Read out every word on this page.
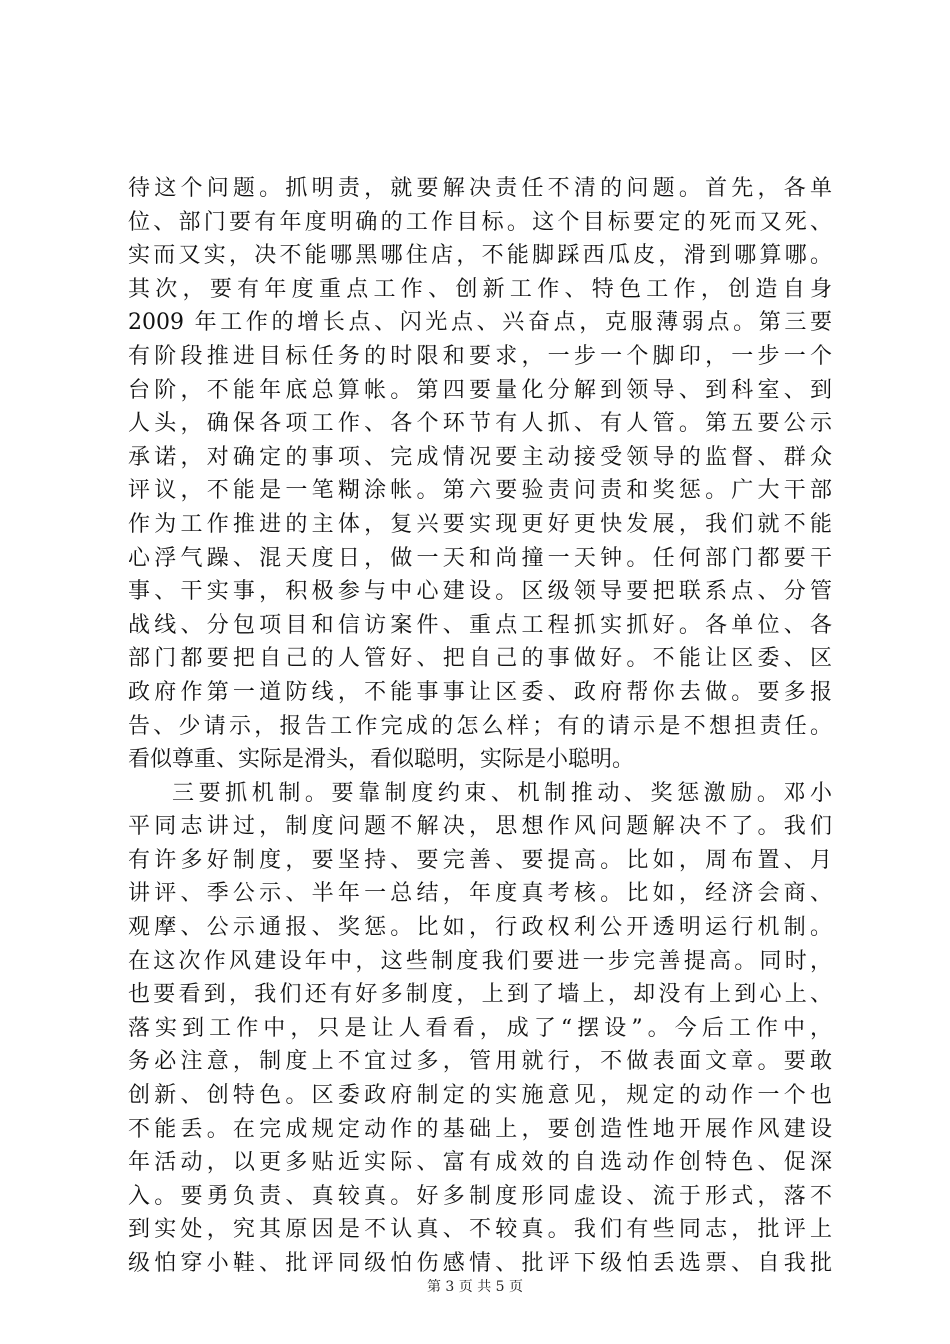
待这个问题。抓明责，就要解决责任不清的问题。首先，各单
位、部门要有年度明确的工作目标。这个目标要定的死而又死、
实而又实，决不能哪黑哪住店，不能脚踩西瓜皮，滑到哪算哪。
其次，要有年度重点工作、创新工作、特色工作，创造自身
2009 年工作的增长点、闪光点、兴奋点，克服薄弱点。第三要
有阶段推进目标任务的时限和要求，一步一个脚印，一步一个
台阶，不能年底总算帐。第四要量化分解到领导、到科室、到
人头，确保各项工作、各个环节有人抓、有人管。第五要公示
承诺，对确定的事项、完成情况要主动接受领导的监督、群众
评议，不能是一笔糊涂帐。第六要验责问责和奖惩。广大干部
作为工作推进的主体，复兴要实现更好更快发展，我们就不能
心浮气躁、混天度日，做一天和尚撞一天钟。任何部门都要干
事、干实事，积极参与中心建设。区级领导要把联系点、分管
战线、分包项目和信访案件、重点工程抓实抓好。各单位、各
部门都要把自己的人管好、把自己的事做好。不能让区委、区
政府作第一道防线，不能事事让区委、政府帮你去做。要多报
告、少请示，报告工作完成的怎么样；有的请示是不想担责任。
看似尊重、实际是滑头，看似聪明，实际是小聪明。
三要抓机制。要靠制度约束、机制推动、奖惩激励。邓小
平同志讲过，制度问题不解决，思想作风问题解决不了。我们
有许多好制度，要坚持、要完善、要提高。比如，周布置、月
讲评、季公示、半年一总结，年度真考核。比如，经济会商、
观摩、公示通报、奖惩。比如，行政权利公开透明运行机制。
在这次作风建设年中，这些制度我们要进一步完善提高。同时，
也要看到，我们还有好多制度，上到了墙上，却没有上到心上、
落实到工作中，只是让人看看，成了“摆设”。今后工作中，
务必注意，制度上不宜过多，管用就行，不做表面文章。要敢
创新、创特色。区委政府制定的实施意见，规定的动作一个也
不能丢。在完成规定动作的基础上，要创造性地开展作风建设
年活动，以更多贴近实际、富有成效的自选动作创特色、促深
入。要勇负责、真较真。好多制度形同虚设、流于形式，落不
到实处，究其原因是不认真、不较真。我们有些同志，批评上
级怕穿小鞋、批评同级怕伤感情、批评下级怕丢选票、自我批
第 3 页 共 5 页
